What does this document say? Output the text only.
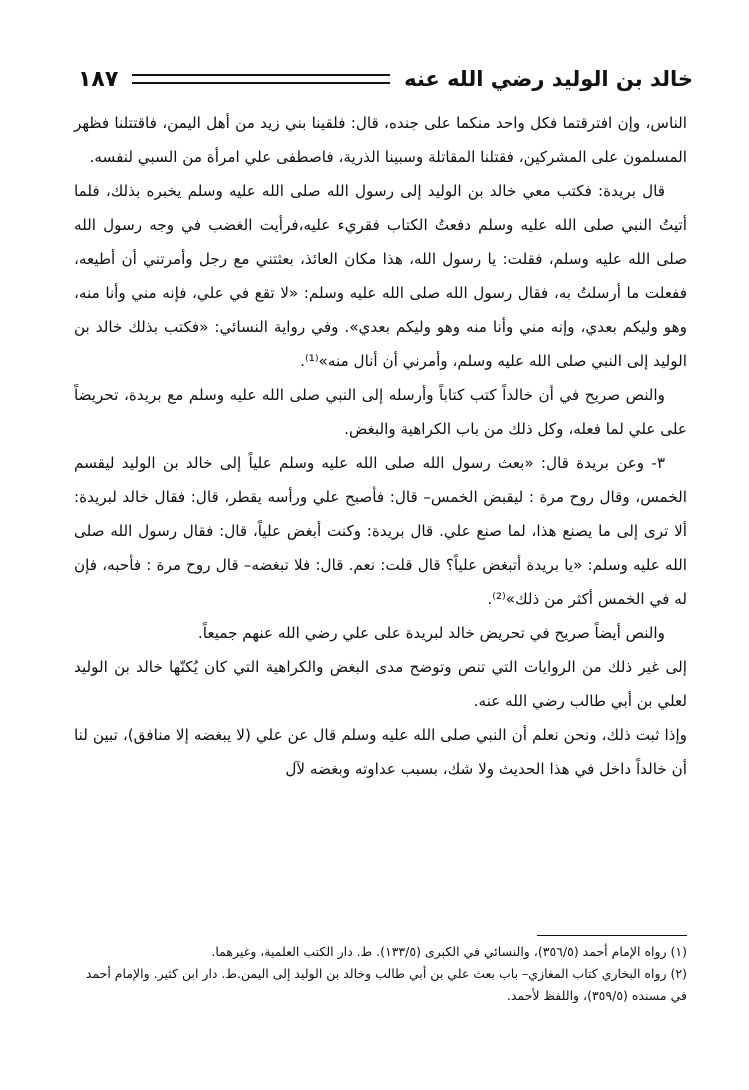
خالد بن الوليد رضي الله عنه
١٨٧

الناس، وإن افترقتما فكل واحد منكما على جنده، قال: فلقينا بني زيد من أهل اليمن، فاقتتلنا فظهر المسلمون على المشركين، فقتلنا المقاتلة وسبينا الذرية، فاصطفى علي امرأة من السبي لنفسه.

قال بريدة: فكتب معي خالد بن الوليد إلى رسول الله صلى الله عليه وسلم يخبره بذلك، فلما أتيتُ النبي صلى الله عليه وسلم دفعتُ الكتاب فقريء عليه،فرأيت الغضب في وجه رسول الله صلى الله عليه وسلم، فقلت: يا رسول الله، هذا مكان العائذ، بعثتني مع رجل وأمرتني أن أطيعه، ففعلت ما أرسلتُ به، فقال رسول الله صلى الله عليه وسلم: «لا تقع في علي، فإنه مني وأنا منه، وهو وليكم بعدي، وإنه مني وأنا منه وهو وليكم بعدي». وفي رواية النسائي: «فكتب بذلك خالد بن الوليد إلى النبي صلى الله عليه وسلم، وأمرني أن أنال منه»⁽¹⁾.

والنص صريح في أن خالداً كتب كتاباً وأرسله إلى النبي صلى الله عليه وسلم مع بريدة، تحريضاً على علي لما فعله، وكل ذلك من باب الكراهية والبغض.

٣- وعن بريدة قال: «بعث رسول الله صلى الله عليه وسلم علياً إلى خالد بن الوليد ليقسم الخمس، وقال روح مرة : ليقبض الخمس– قال: فأصبح علي ورأسه يقطر، قال: فقال خالد لبريدة: ألا ترى إلى ما يصنع هذا، لما صنع علي. قال بريدة: وكنت أبغض علياً، قال: فقال رسول الله صلى الله عليه وسلم: «يا بريدة أتبغض علياً؟ قال قلت: نعم. قال: فلا تبغضه– قال روح مرة : فأحبه، فإن له في الخمس أكثر من ذلك»⁽²⁾.

والنص أيضاً صريح في تحريض خالد لبريدة على علي رضي الله عنهم جميعاً.

إلى غير ذلك من الروايات التي تنص وتوضح مدى البغض والكراهية التي كان يُكنّها خالد بن الوليد لعلي بن أبي طالب رضي الله عنه.

وإذا ثبت ذلك، ونحن نعلم أن النبي صلى الله عليه وسلم قال عن علي (لا يبغضه إلا منافق)، تبين لنا أن خالداً داخل في هذا الحديث ولا شك، بسبب عداوته وبغضه لآل

(١) رواه الإمام أحمد (٣٥٦/٥)، والنسائي في الكبرى (١٣٣/٥). ط. دار الكتب العلمية، وغيرهما.

(٢) رواه البخاري كتاب المغازي– باب بعث علي بن أبي طالب وخالد بن الوليد إلى اليمن.ط. دار ابن كثير. والإمام أحمد في مسنده (٣٥٩/٥)، واللفظ لأحمد.
